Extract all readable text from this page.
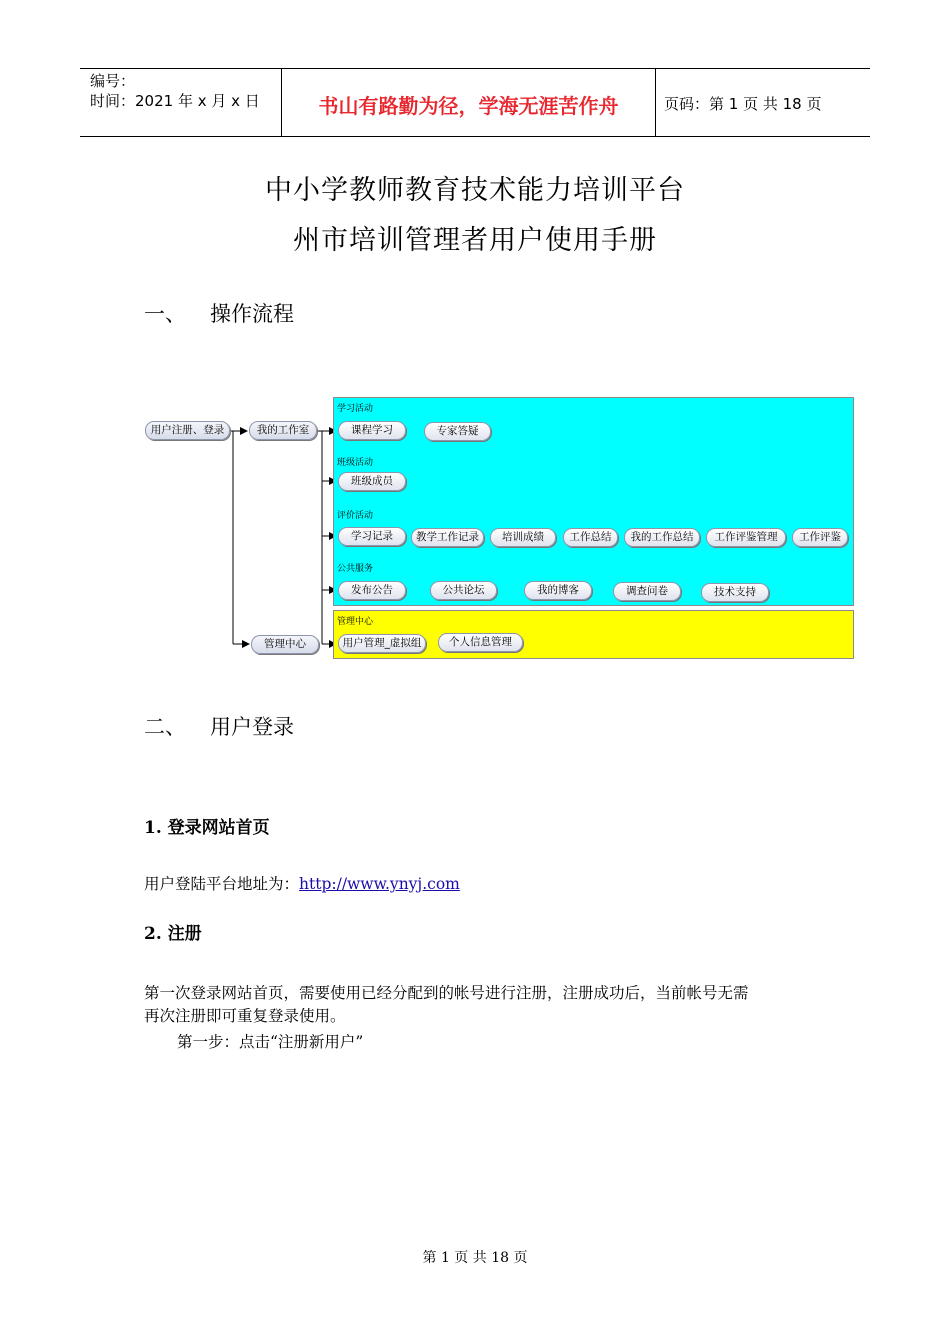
编号：
时间：2021 年 x 月 x 日	书山有路勤为径，学海无涯苦作舟	页码：第 1 页 共 18 页
中小学教师教育技术能力培训平台
州市培训管理者用户使用手册
一、 操作流程
学习活动
班级活动
评价活动
公共服务
管理中心
用户注册、登录	我的工作室
管理中心
课程学习	专家答疑
班级成员
学习记录	教学工作记录	培训成绩	工作总结	我的工作总结	工作评鉴管理	工作评鉴
发布公告	公共论坛	我的博客	调查问卷	技术支持
用户管理_虚拟组	个人信息管理
二、 用户登录
1. 登录网站首页
用户登陆平台地址为：http://www.ynyj.com
2. 注册
第一次登录网站首页，需要使用已经分配到的帐号进行注册，注册成功后，当前帐号无需
再次注册即可重复登录使用。
第一步：点击“注册新用户”
第 1 页 共 18 页
